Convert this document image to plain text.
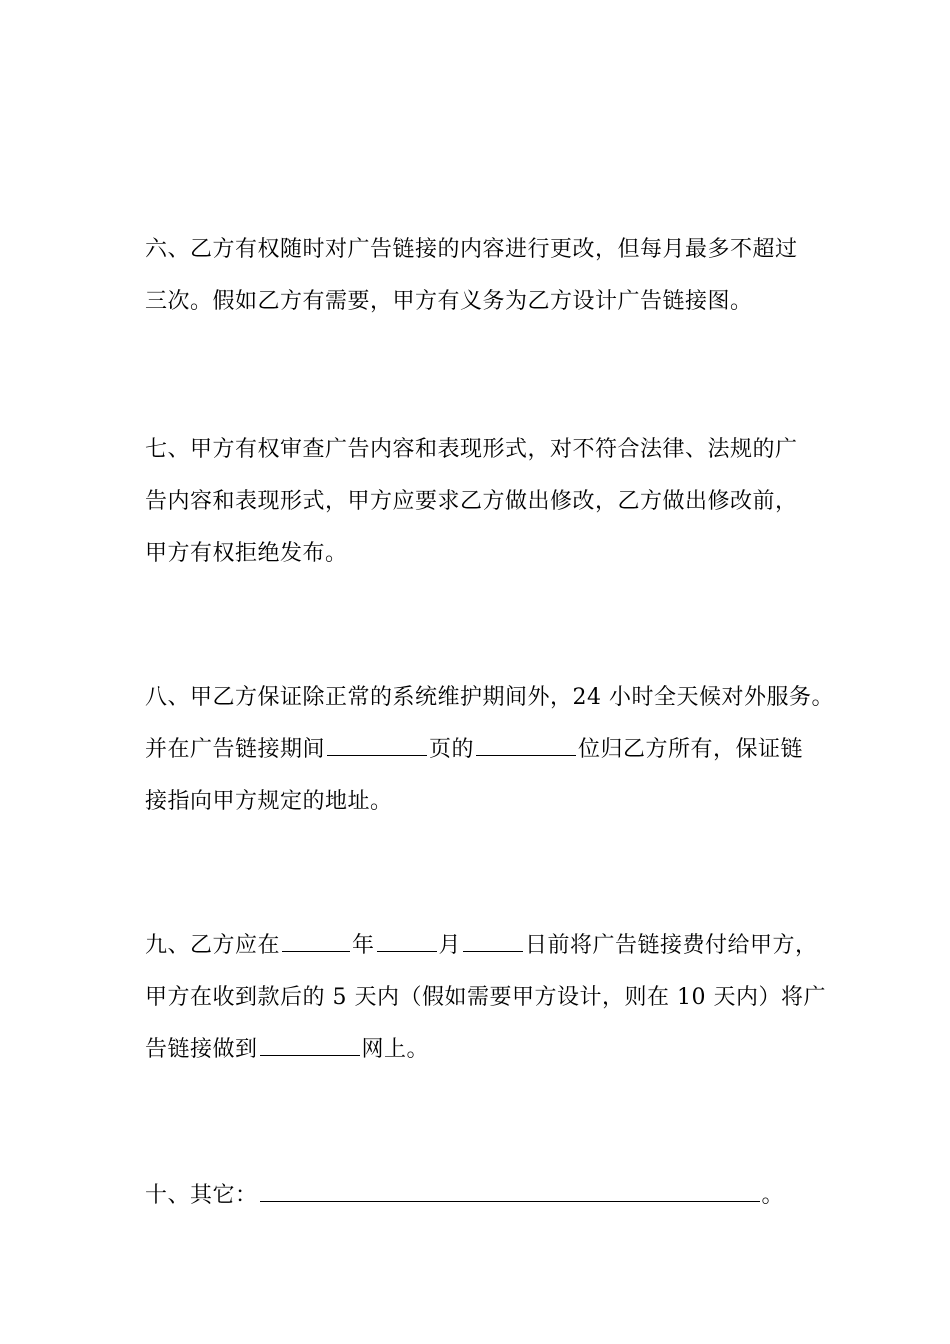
六、乙方有权随时对广告链接的内容进行更改，但每月最多不超过
三次。假如乙方有需要，甲方有义务为乙方设计广告链接图。
七、甲方有权审查广告内容和表现形式，对不符合法律、法规的广
告内容和表现形式，甲方应要求乙方做出修改，乙方做出修改前，
甲方有权拒绝发布。
八、甲乙方保证除正常的系统维护期间外，24 小时全天候对外服务。
并在广告链接期间	页的	位归乙方所有，保证链
接指向甲方规定的地址。
九、乙方应在	年	月	日前将广告链接费付给甲方，
甲方在收到款后的 5 天内（假如需要甲方设计，则在 10 天内）将广
告链接做到	网上。
十、其它：	。
